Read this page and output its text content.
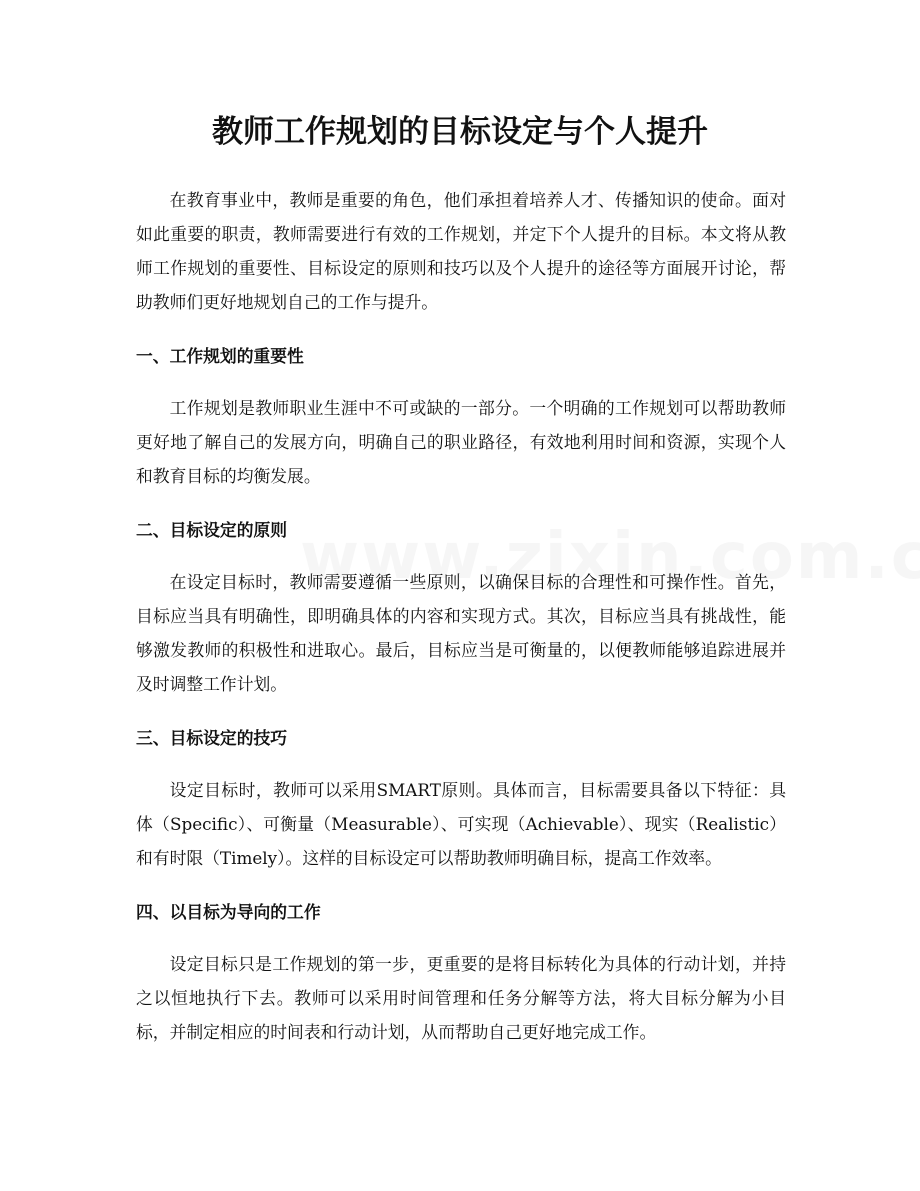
教师工作规划的目标设定与个人提升

在教育事业中，教师是重要的角色，他们承担着培养人才、传播知识的使命。面对如此重要的职责，教师需要进行有效的工作规划，并定下个人提升的目标。本文将从教师工作规划的重要性、目标设定的原则和技巧以及个人提升的途径等方面展开讨论，帮助教师们更好地规划自己的工作与提升。

一、工作规划的重要性

工作规划是教师职业生涯中不可或缺的一部分。一个明确的工作规划可以帮助教师更好地了解自己的发展方向，明确自己的职业路径，有效地利用时间和资源，实现个人和教育目标的均衡发展。

二、目标设定的原则

在设定目标时，教师需要遵循一些原则，以确保目标的合理性和可操作性。首先，目标应当具有明确性，即明确具体的内容和实现方式。其次，目标应当具有挑战性，能够激发教师的积极性和进取心。最后，目标应当是可衡量的，以便教师能够追踪进展并及时调整工作计划。

三、目标设定的技巧

设定目标时，教师可以采用SMART原则。具体而言，目标需要具备以下特征：具体（Specific）、可衡量（Measurable）、可实现（Achievable）、现实（Realistic）和有时限（Timely）。这样的目标设定可以帮助教师明确目标，提高工作效率。

四、以目标为导向的工作

设定目标只是工作规划的第一步，更重要的是将目标转化为具体的行动计划，并持之以恒地执行下去。教师可以采用时间管理和任务分解等方法，将大目标分解为小目标，并制定相应的时间表和行动计划，从而帮助自己更好地完成工作。
